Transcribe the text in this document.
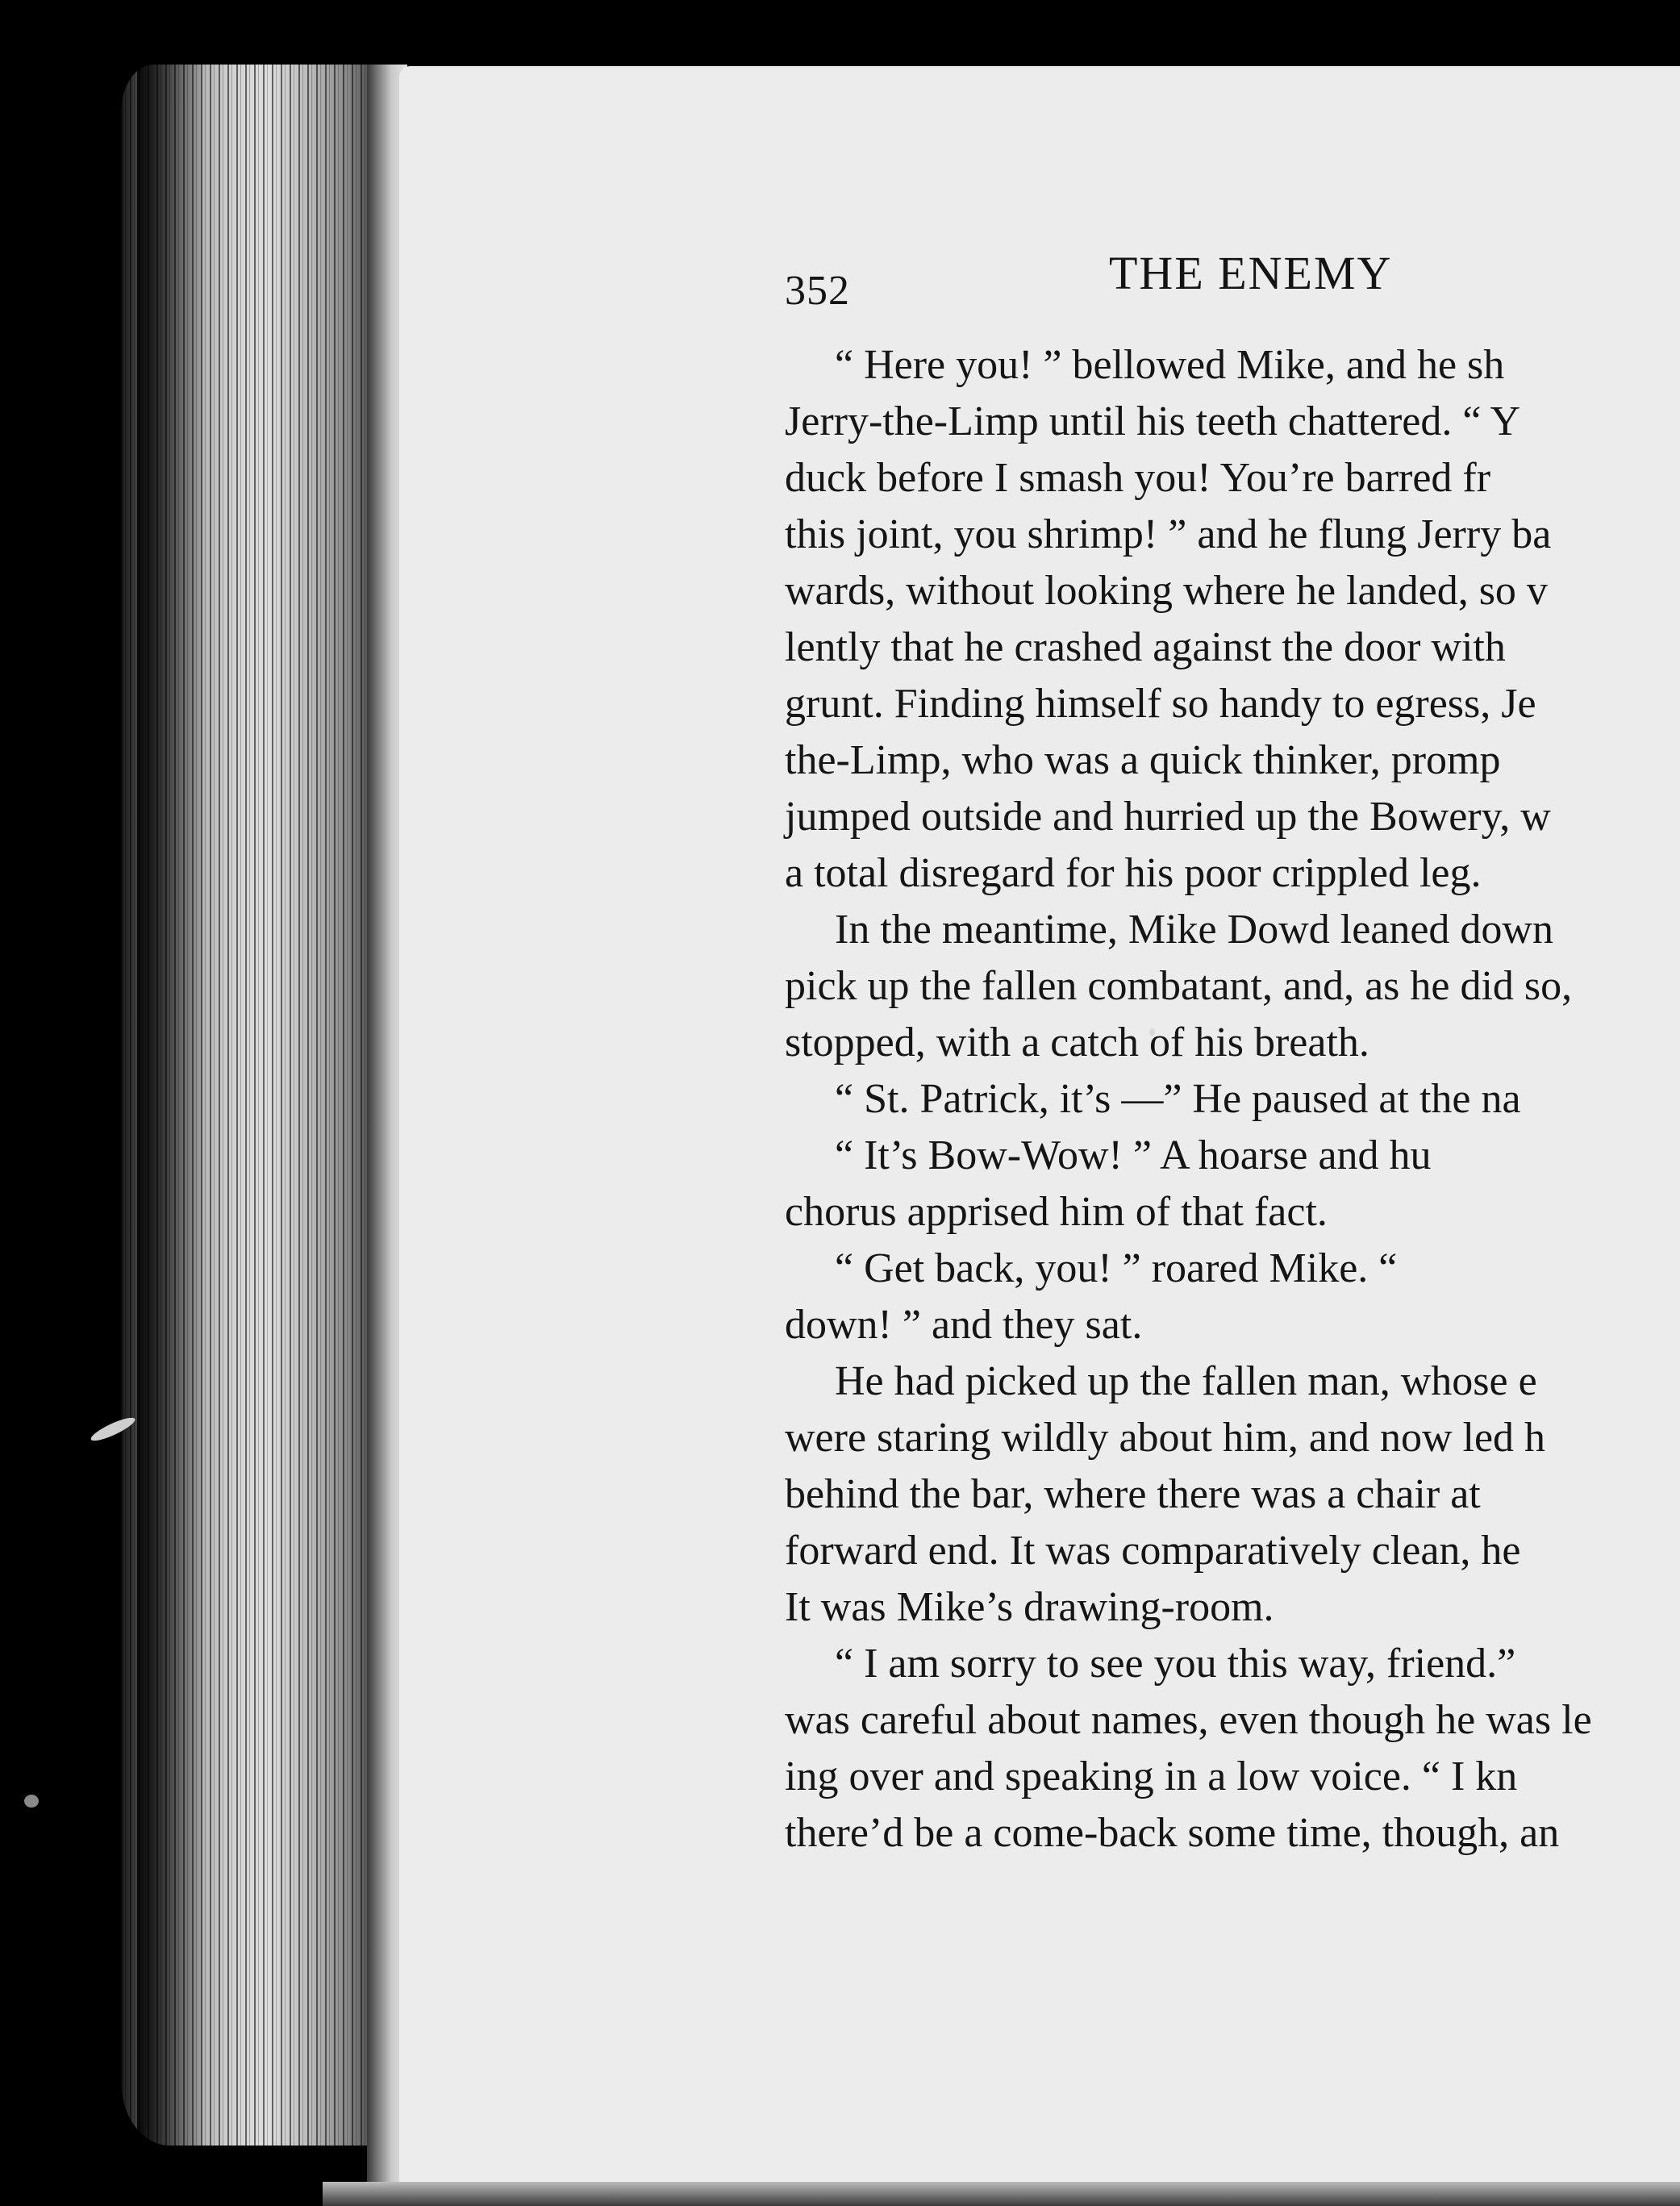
352	THE ENEMY
“ Here you! ” bellowed Mike, and he sh
Jerry-the-Limp until his teeth chattered. “ Y
duck before I smash you! You’re barred fr
this joint, you shrimp! ” and he flung Jerry ba
wards, without looking where he landed, so v
lently that he crashed against the door with
grunt. Finding himself so handy to egress, Je
the-Limp, who was a quick thinker, promp
jumped outside and hurried up the Bowery, w
a total disregard for his poor crippled leg.
In the meantime, Mike Dowd leaned down
pick up the fallen combatant, and, as he did so,
stopped, with a catch of his breath.
“ St. Patrick, it’s —” He paused at the na
“ It’s Bow-Wow! ” A hoarse and hu
chorus apprised him of that fact.
“ Get back, you! ” roared Mike. “
down! ” and they sat.
He had picked up the fallen man, whose e
were staring wildly about him, and now led h
behind the bar, where there was a chair at
forward end. It was comparatively clean, he
It was Mike’s drawing-room.
“ I am sorry to see you this way, friend.”
was careful about names, even though he was le
ing over and speaking in a low voice. “ I kn
there’d be a come-back some time, though, an
